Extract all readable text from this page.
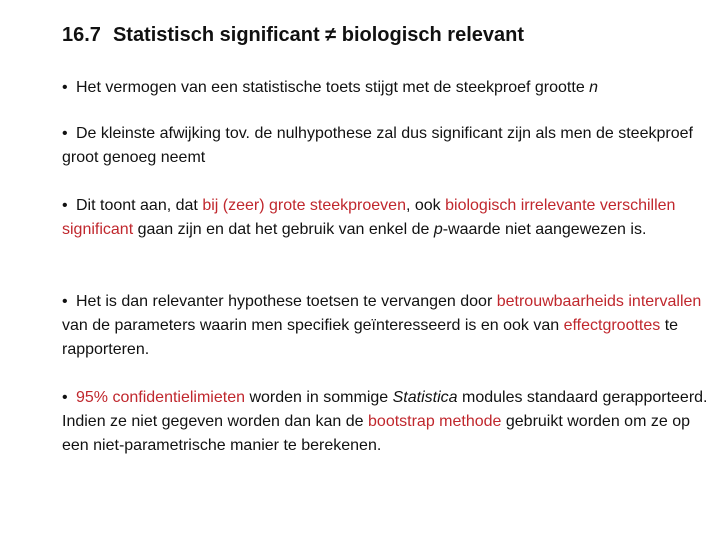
16.7 Statistisch significant ≠ biologisch relevant
• Het vermogen van een statistische toets stijgt met de steekproef grootte n
• De kleinste afwijking tov. de nulhypothese zal dus significant zijn als men de steekproef groot genoeg neemt
• Dit toont aan, dat bij (zeer) grote steekproeven, ook biologisch irrelevante verschillen significant gaan zijn en dat het gebruik van enkel de p-waarde niet aangewezen is.
• Het is dan relevanter hypothese toetsen te vervangen door betrouwbaarheids intervallen van de parameters waarin men specifiek geïnteresseerd is en ook van effectgroottes te rapporteren.
• 95% confidentielimieten worden in sommige Statistica modules standaard gerapporteerd. Indien ze niet gegeven worden dan kan de bootstrap methode gebruikt worden om ze op een niet-parametrische manier te berekenen.
